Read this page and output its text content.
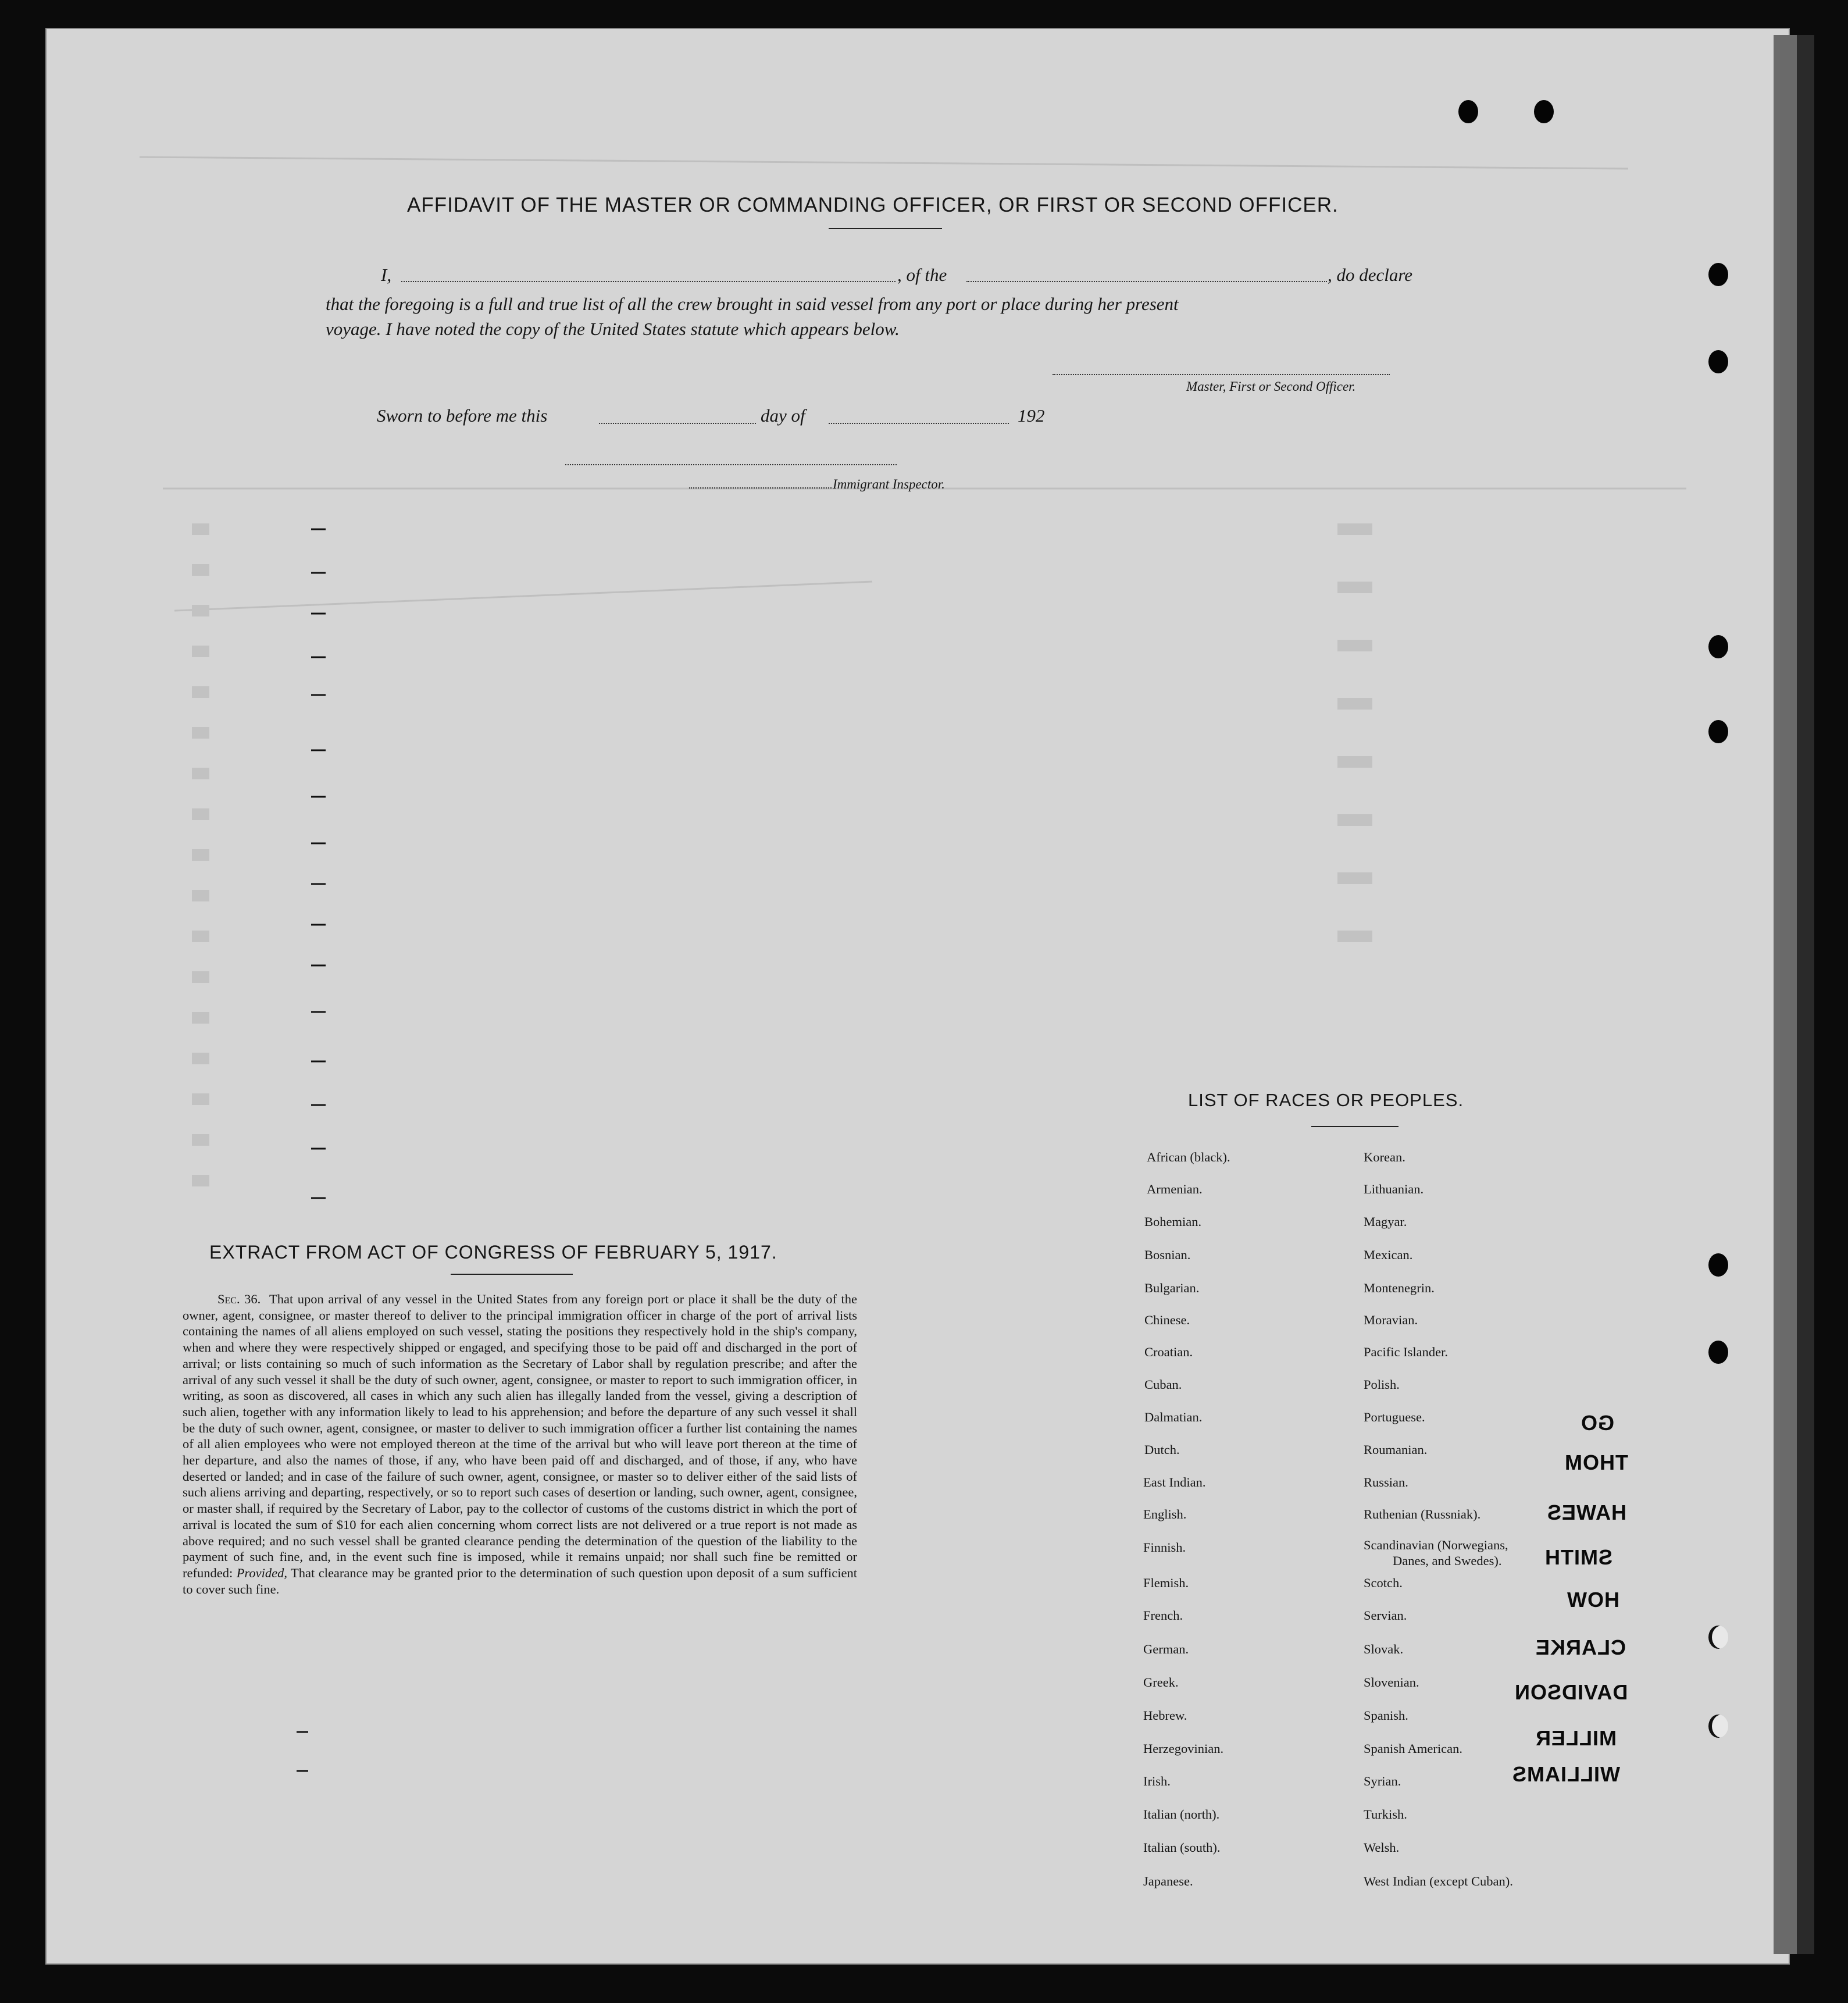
AFFIDAVIT OF THE MASTER OR COMMANDING OFFICER, OR FIRST OR SECOND OFFICER.
I,	, of the	, do declare
that the foregoing is a full and true list of all the crew brought in said vessel from any port or place during her present
voyage. I have noted the copy of the United States statute which appears below.
Master, First or Second Officer.
Sworn to before me this	day of	192
Immigrant Inspector.
EXTRACT FROM ACT OF CONGRESS OF FEBRUARY 5, 1917.
Sec. 36. That upon arrival of any vessel in the United States from any foreign port or place it shall be the duty of the owner, agent, consignee, or master thereof to deliver to the principal immigration officer in charge of the port of arrival lists containing the names of all aliens employed on such vessel, stating the positions they respectively hold in the ship's company, when and where they were respectively shipped or engaged, and specifying those to be paid off and discharged in the port of arrival; or lists containing so much of such information as the Secretary of Labor shall by regulation prescribe; and after the arrival of any such vessel it shall be the duty of such owner, agent, consignee, or master to report to such immigration officer, in writing, as soon as discovered, all cases in which any such alien has illegally landed from the vessel, giving a description of such alien, together with any information likely to lead to his apprehension; and before the departure of any such vessel it shall be the duty of such owner, agent, consignee, or master to deliver to such immigration officer a further list containing the names of all alien employees who were not employed thereon at the time of the arrival but who will leave port thereon at the time of her departure, and also the names of those, if any, who have been paid off and discharged, and of those, if any, who have deserted or landed; and in case of the failure of such owner, agent, consignee, or master so to deliver either of the said lists of such aliens arriving and departing, respectively, or so to report such cases of desertion or landing, such owner, agent, consignee, or master shall, if required by the Secretary of Labor, pay to the collector of customs of the customs district in which the port of arrival is located the sum of $10 for each alien concerning whom correct lists are not delivered or a true report is not made as above required; and no such vessel shall be granted clearance pending the determination of the question of the liability to the payment of such fine, and, in the event such fine is imposed, while it remains unpaid; nor shall such fine be remitted or refunded: Provided, That clearance may be granted prior to the determination of such question upon deposit of a sum sufficient to cover such fine.
LIST OF RACES OR PEOPLES.
African (black).
Armenian.
Bohemian.
Bosnian.
Bulgarian.
Chinese.
Croatian.
Cuban.
Dalmatian.
Dutch.
East Indian.
English.
Finnish.
Flemish.
French.
German.
Greek.
Hebrew.
Herzegovinian.
Irish.
Italian (north).
Italian (south).
Japanese.
Korean.
Lithuanian.
Magyar.
Mexican.
Montenegrin.
Moravian.
Pacific Islander.
Polish.
Portuguese.
Roumanian.
Russian.
Ruthenian (Russniak).
Scandinavian (Norwegians,
Danes, and Swedes).
Scotch.
Servian.
Slovak.
Slovenian.
Spanish.
Spanish American.
Syrian.
Turkish.
Welsh.
West Indian (except Cuban).
GO
THOM
HAWES
SMITH
HOW
CLARKE
DAVIDSON
MILLER
WILLIAMS
